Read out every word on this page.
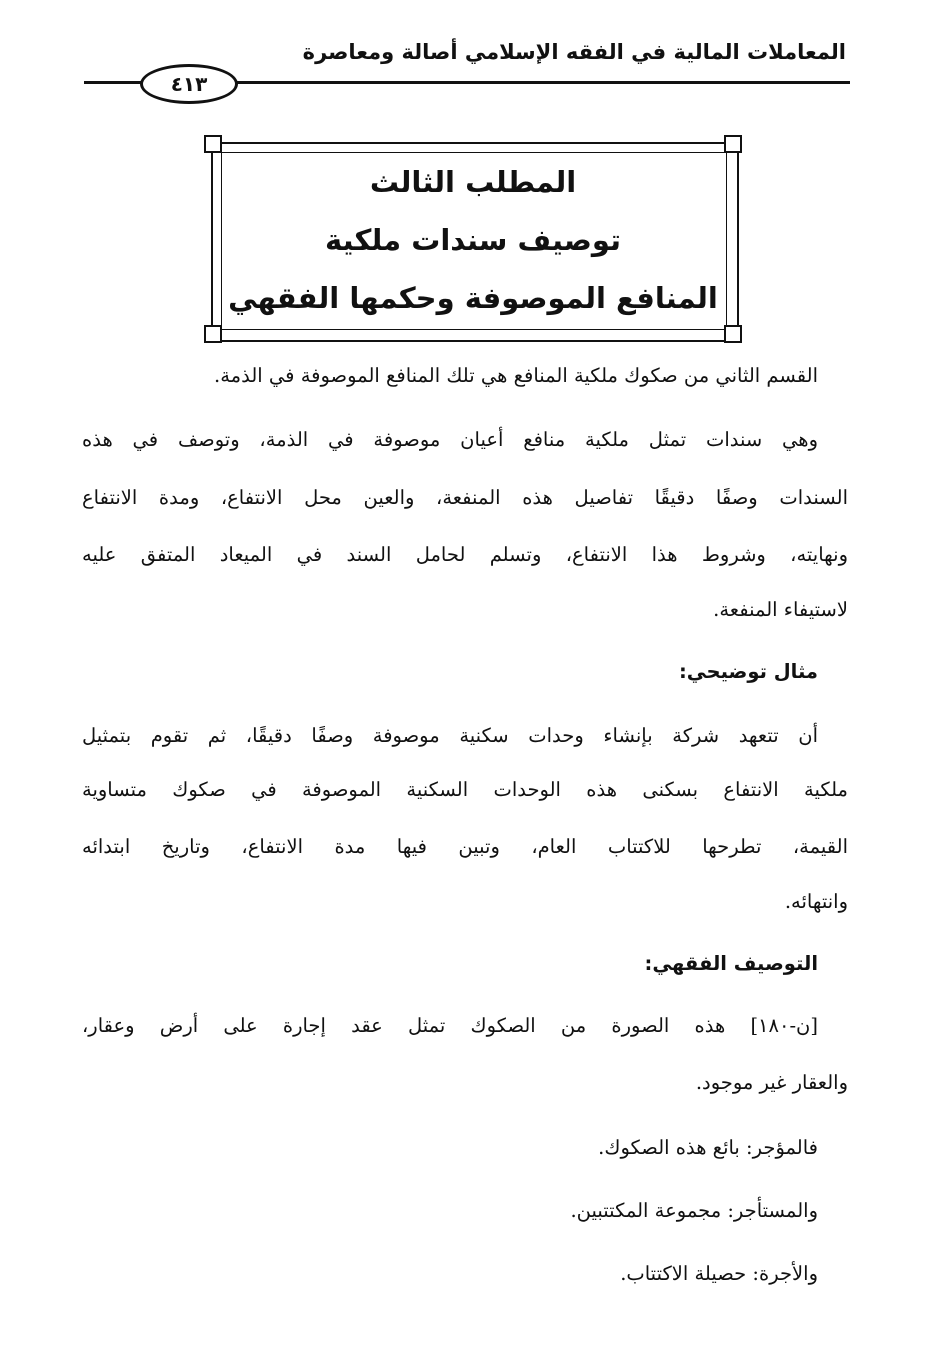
المعاملات المالية في الفقه الإسلامي أصالة ومعاصرة
٤١٣
المطلب الثالث
توصيف سندات ملكية
المنافع الموصوفة وحكمها الفقهي
القسم الثاني من صكوك ملكية المنافع هي تلك المنافع الموصوفة في الذمة.
وهي سندات تمثل ملكية منافع أعيان موصوفة في الذمة، وتوصف في هذه
السندات وصفًا دقيقًا تفاصيل هذه المنفعة، والعين محل الانتفاع، ومدة الانتفاع
ونهايته، وشروط هذا الانتفاع، وتسلم لحامل السند في الميعاد المتفق عليه
لاستيفاء المنفعة.
مثال توضيحي:
أن تتعهد شركة بإنشاء وحدات سكنية موصوفة وصفًا دقيقًا، ثم تقوم بتمثيل
ملكية الانتفاع بسكنى هذه الوحدات السكنية الموصوفة في صكوك متساوية
القيمة، تطرحها للاكتتاب العام، وتبين فيها مدة الانتفاع، وتاريخ ابتدائه
وانتهائه.
التوصيف الفقهي:
[ن-١٨٠] هذه الصورة من الصكوك تمثل عقد إجارة على أرض وعقار،
والعقار غير موجود.
فالمؤجر: بائع هذه الصكوك.
والمستأجر: مجموعة المكتتبين.
والأجرة: حصيلة الاكتتاب.
